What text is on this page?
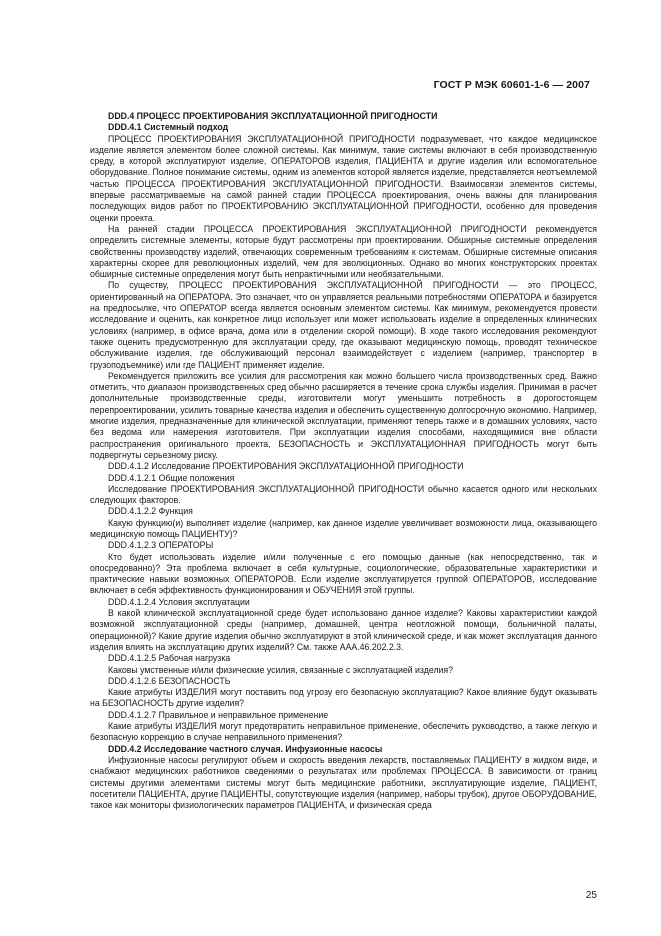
ГОСТ Р МЭК 60601-1-6 — 2007

DDD.4 ПРОЦЕСС ПРОЕКТИРОВАНИЯ ЭКСПЛУАТАЦИОННОЙ ПРИГОДНОСТИ

DDD.4.1 Системный подход

ПРОЦЕСС ПРОЕКТИРОВАНИЯ ЭКСПЛУАТАЦИОННОЙ ПРИГОДНОСТИ подразумевает, что каждое медицинское изделие является элементом более сложной системы. Как минимум, такие системы включают в себя производственную среду, в которой эксплуатируют изделие, ОПЕРАТОРОВ изделия, ПАЦИЕНТА и другие изделия или вспомогательное оборудование. Полное понимание системы, одним из элементов которой является изделие, представляется неотъемлемой частью ПРОЦЕССА ПРОЕКТИРОВАНИЯ ЭКСПЛУАТАЦИОННОЙ ПРИГОДНОСТИ. Взаимосвязи элементов системы, впервые рассматриваемые на самой ранней стадии ПРОЦЕССА проектирования, очень важны для планирования последующих видов работ по ПРОЕКТИРОВАНИЮ ЭКСПЛУАТАЦИОННОЙ ПРИГОДНОСТИ, особенно для проведения оценки проекта.

На ранней стадии ПРОЦЕССА ПРОЕКТИРОВАНИЯ ЭКСПЛУАТАЦИОННОЙ ПРИГОДНОСТИ рекомендуется определить системные элементы, которые будут рассмотрены при проектировании. Обширные системные определения свойственны производству изделий, отвечающих современным требованиям к системам. Обширные системные описания характерны скорее для революционных изделий, чем для эволюционных. Однако во многих конструкторских проектах обширные системные определения могут быть непрактичными или необязательными.

По существу, ПРОЦЕСС ПРОЕКТИРОВАНИЯ ЭКСПЛУАТАЦИОННОЙ ПРИГОДНОСТИ — это ПРОЦЕСС, ориентированный на ОПЕРАТОРА. Это означает, что он управляется реальными потребностями ОПЕРАТОРА и базируется на предпосылке, что ОПЕРАТОР всегда является основным элементом системы. Как минимум, рекомендуется провести исследование и оценить, как конкретное лицо использует или может использовать изделие в определенных клинических условиях (например, в офисе врача, дома или в отделении скорой помощи). В ходе такого исследования рекомендуют также оценить предусмотренную для эксплуатации среду, где оказывают медицинскую помощь, проводят техническое обслуживание изделия, где обслуживающий персонал взаимодействует с изделием (например, транспортер в грузоподъемнике) или где ПАЦИЕНТ применяет изделие.

Рекомендуется приложить все усилия для рассмотрения как можно большего числа производственных сред. Важно отметить, что диапазон производственных сред обычно расширяется в течение срока службы изделия. Принимая в расчет дополнительные производственные среды, изготовители могут уменьшить потребность в дорогостоящем перепроектировании, усилить товарные качества изделия и обеспечить существенную долгосрочную экономию. Например, многие изделия, предназначенные для клинической эксплуатации, применяют теперь также и в домашних условиях, часто без ведома или намерения изготовителя. При эксплуатации изделия способами, находящимися вне области распространения оригинального проекта, БЕЗОПАСНОСТЬ и ЭКСПЛУАТАЦИОННАЯ ПРИГОДНОСТЬ могут быть подвергнуты серьезному риску.

DDD.4.1.2 Исследование ПРОЕКТИРОВАНИЯ ЭКСПЛУАТАЦИОННОЙ ПРИГОДНОСТИ

DDD.4.1.2.1 Общие положения

Исследование ПРОЕКТИРОВАНИЯ ЭКСПЛУАТАЦИОННОЙ ПРИГОДНОСТИ обычно касается одного или нескольких следующих факторов.

DDD.4.1.2.2 Функция

Какую функцию(и) выполняет изделие (например, как данное изделие увеличивает возможности лица, оказывающего медицинскую помощь ПАЦИЕНТУ)?

DDD.4.1.2.3 ОПЕРАТОРЫ

Кто будет использовать изделие и/или полученные с его помощью данные (как непосредственно, так и опосредованно)? Эта проблема включает в себя культурные, социологические, образовательные характеристики и практические навыки возможных ОПЕРАТОРОВ. Если изделие эксплуатируется группой ОПЕРАТОРОВ, исследование включает в себя эффективность функционирования и ОБУЧЕНИЯ этой группы.

DDD.4.1.2.4 Условия эксплуатации

В какой клинической эксплуатационной среде будет использовано данное изделие? Каковы характеристики каждой возможной эксплуатационной среды (например, домашней, центра неотложной помощи, больничной палаты, операционной)? Какие другие изделия обычно эксплуатируют в этой клинической среде, и как может эксплуатация данного изделия влиять на эксплуатацию других изделий? См. также ААА.46.202.2.3.

DDD.4.1.2.5 Рабочая нагрузка

Каковы умственные и/или физические усилия, связанные с эксплуатацией изделия?

DDD.4.1.2.6 БЕЗОПАСНОСТЬ

Какие атрибуты ИЗДЕЛИЯ могут поставить под угрозу его безопасную эксплуатацию? Какое влияние будут оказывать на БЕЗОПАСНОСТЬ другие изделия?

DDD.4.1.2.7 Правильное и неправильное применение

Какие атрибуты ИЗДЕЛИЯ могут предотвратить неправильное применение, обеспечить руководство, а также легкую и безопасную коррекцию в случае неправильного применения?

DDD.4.2 Исследование частного случая. Инфузионные насосы

Инфузионные насосы регулируют объем и скорость введения лекарств, поставляемых ПАЦИЕНТУ в жидком виде, и снабжают медицинских работников сведениями о результатах или проблемах ПРОЦЕССА. В зависимости от границ системы другими элементами системы могут быть медицинские работники, эксплуатирующие изделие, ПАЦИЕНТ, посетители ПАЦИЕНТА, другие ПАЦИЕНТЫ, сопутствующие изделия (например, наборы трубок), другое ОБОРУДОВАНИЕ, такое как мониторы физиологических параметров ПАЦИЕНТА, и физическая среда

25
